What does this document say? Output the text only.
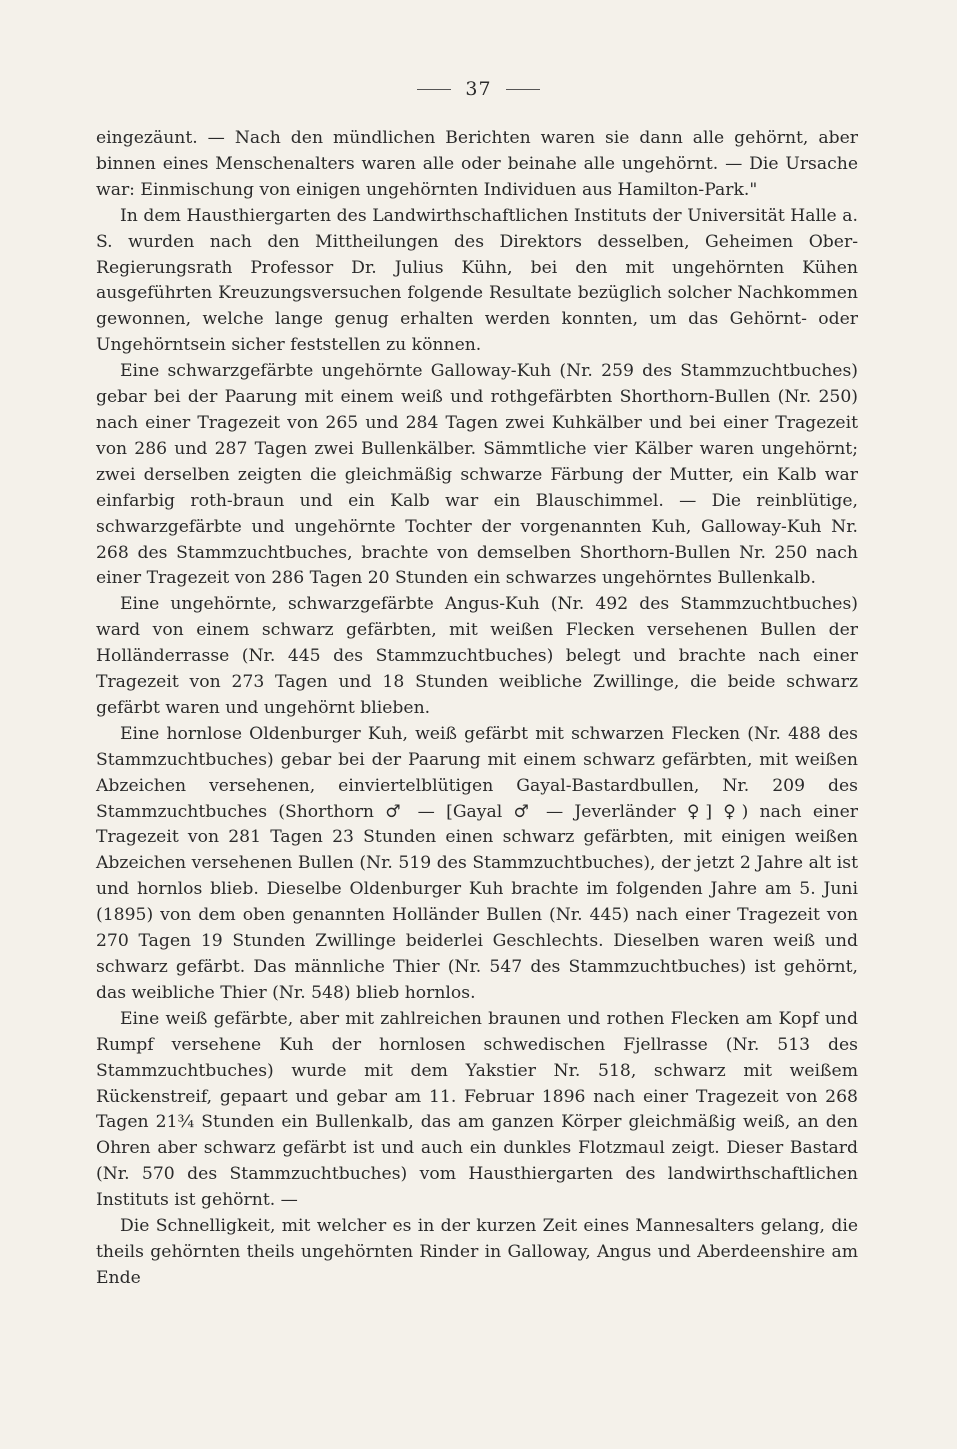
37

eingezäunt. — Nach den mündlichen Berichten waren sie dann alle gehörnt, aber binnen eines Menschenalters waren alle oder beinahe alle ungehörnt. — Die Ursache war: Einmischung von einigen ungehörnten Individuen aus Hamilton-Park."

In dem Hausthiergarten des Landwirthschaftlichen Instituts der Universität Halle a. S. wurden nach den Mittheilungen des Direktors desselben, Geheimen Ober-Regierungsrath Professor Dr. Julius Kühn, bei den mit ungehörnten Kühen ausgeführten Kreuzungsversuchen folgende Resultate bezüglich solcher Nachkommen gewonnen, welche lange genug erhalten werden konnten, um das Gehörnt- oder Ungehörntsein sicher feststellen zu können.

Eine schwarzgefärbte ungehörnte Galloway-Kuh (Nr. 259 des Stammzuchtbuches) gebar bei der Paarung mit einem weiß und rothgefärbten Shorthorn-Bullen (Nr. 250) nach einer Tragezeit von 265 und 284 Tagen zwei Kuhkälber und bei einer Tragezeit von 286 und 287 Tagen zwei Bullenkälber. Sämmtliche vier Kälber waren ungehörnt; zwei derselben zeigten die gleichmäßig schwarze Färbung der Mutter, ein Kalb war einfarbig roth-braun und ein Kalb war ein Blauschimmel. — Die reinblütige, schwarzgefärbte und ungehörnte Tochter der vorgenannten Kuh, Galloway-Kuh Nr. 268 des Stammzuchtbuches, brachte von demselben Shorthorn-Bullen Nr. 250 nach einer Tragezeit von 286 Tagen 20 Stunden ein schwarzes ungehörntes Bullenkalb.

Eine ungehörnte, schwarzgefärbte Angus-Kuh (Nr. 492 des Stammzuchtbuches) ward von einem schwarz gefärbten, mit weißen Flecken versehenen Bullen der Holländerrasse (Nr. 445 des Stammzuchtbuches) belegt und brachte nach einer Tragezeit von 273 Tagen und 18 Stunden weibliche Zwillinge, die beide schwarz gefärbt waren und ungehörnt blieben.

Eine hornlose Oldenburger Kuh, weiß gefärbt mit schwarzen Flecken (Nr. 488 des Stammzuchtbuches) gebar bei der Paarung mit einem schwarz gefärbten, mit weißen Abzeichen versehenen, einviertelblütigen Gayal-Bastardbullen, Nr. 209 des Stammzuchtbuches (Shorthorn ♂ — [Gayal ♂ — Jeverländer ♀] ♀) nach einer Tragezeit von 281 Tagen 23 Stunden einen schwarz gefärbten, mit einigen weißen Abzeichen versehenen Bullen (Nr. 519 des Stammzuchtbuches), der jetzt 2 Jahre alt ist und hornlos blieb. Dieselbe Oldenburger Kuh brachte im folgenden Jahre am 5. Juni (1895) von dem oben genannten Holländer Bullen (Nr. 445) nach einer Tragezeit von 270 Tagen 19 Stunden Zwillinge beiderlei Geschlechts. Dieselben waren weiß und schwarz gefärbt. Das männliche Thier (Nr. 547 des Stammzuchtbuches) ist gehörnt, das weibliche Thier (Nr. 548) blieb hornlos.

Eine weiß gefärbte, aber mit zahlreichen braunen und rothen Flecken am Kopf und Rumpf versehene Kuh der hornlosen schwedischen Fjellrasse (Nr. 513 des Stammzuchtbuches) wurde mit dem Yakstier Nr. 518, schwarz mit weißem Rückenstreif, gepaart und gebar am 11. Februar 1896 nach einer Tragezeit von 268 Tagen 21¾ Stunden ein Bullenkalb, das am ganzen Körper gleichmäßig weiß, an den Ohren aber schwarz gefärbt ist und auch ein dunkles Flotzmaul zeigt. Dieser Bastard (Nr. 570 des Stammzuchtbuches) vom Hausthiergarten des landwirthschaftlichen Instituts ist gehörnt. —

Die Schnelligkeit, mit welcher es in der kurzen Zeit eines Mannesalters gelang, die theils gehörnten theils ungehörnten Rinder in Galloway, Angus und Aberdeenshire am Ende
